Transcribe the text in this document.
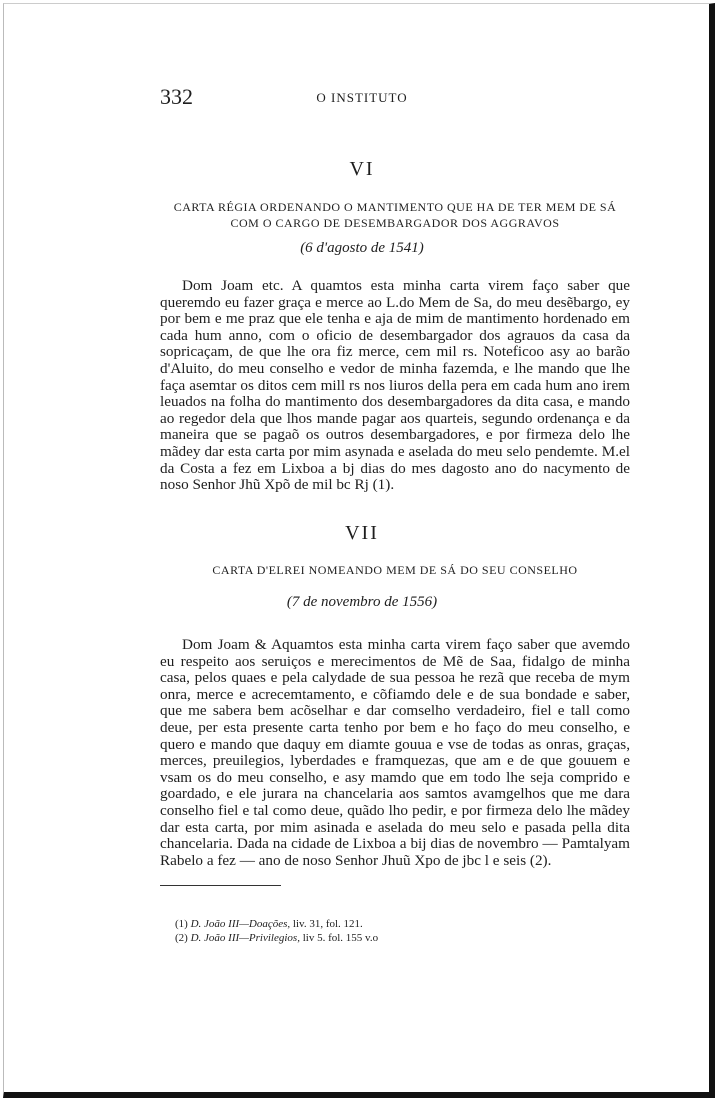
332	O INSTITUTO
VI
CARTA RÉGIA ORDENANDO O MANTIMENTO QUE HA DE TER MEM DE SÁ
COM O CARGO DE DESEMBARGADOR DOS AGGRAVOS
(6 d'agosto de 1541)
Dom Joam etc. A quamtos esta minha carta virem faço saber que queremdo eu fazer graça e merce ao L.do Mem de Sa, do meu desẽbargo, ey por bem e me praz que ele tenha e aja de mim de mantimento hordenado em cada hum anno, com o oficio de desembargador dos agrauos da casa da sopricaçam, de que lhe ora fiz merce, cem mil rs. Noteficoo asy ao barão d'Aluito, do meu conselho e vedor de minha fazemda, e lhe mando que lhe faça asemtar os ditos cem mill rs nos liuros della pera em cada hum ano irem leuados na folha do mantimento dos desembargadores da dita casa, e mando ao regedor dela que lhos mande pagar aos quarteis, segundo ordenança e da maneira que se pagaõ os outros desembargadores, e por firmeza delo lhe mãdey dar esta carta por mim asynada e aselada do meu selo pendemte. M.el da Costa a fez em Lixboa a bj dias do mes dagosto ano do nacymento de noso Senhor Jhũ Xpõ de mil bc Rj (1).
VII
CARTA D'ELREI NOMEANDO MEM DE SÁ DO SEU CONSELHO
(7 de novembro de 1556)
Dom Joam & Aquamtos esta minha carta virem faço saber que avemdo eu respeito aos seruiços e merecimentos de Mẽ de Saa, fidalgo de minha casa, pelos quaes e pela calydade de sua pessoa he rezã que receba de mym onra, merce e acrecemtamento, e cõfiamdo dele e de sua bondade e saber, que me sabera bem acõselhar e dar comselho verdadeiro, fiel e tall como deue, per esta presente carta tenho por bem e ho faço do meu conselho, e quero e mando que daquy em diamte gouua e vse de todas as onras, graças, merces, preuilegios, lyberdades e framquezas, que am e de que gouuem e vsam os do meu conselho, e asy mamdo que em todo lhe seja comprido e goardado, e ele jurara na chancelaria aos samtos avamgelhos que me dara conselho fiel e tal como deue, quãdo lho pedir, e por firmeza delo lhe mãdey dar esta carta, por mim asinada e aselada do meu selo e pasada pella dita chancelaria. Dada na cidade de Lixboa a bij dias de novembro — Pamtalyam Rabelo a fez — ano de noso Senhor Jhuũ Xpo de jbc l e seis (2).
(1) D. João III—Doações, liv. 31, fol. 121.
(2) D. João III—Privilegios, liv 5. fol. 155 v.o
